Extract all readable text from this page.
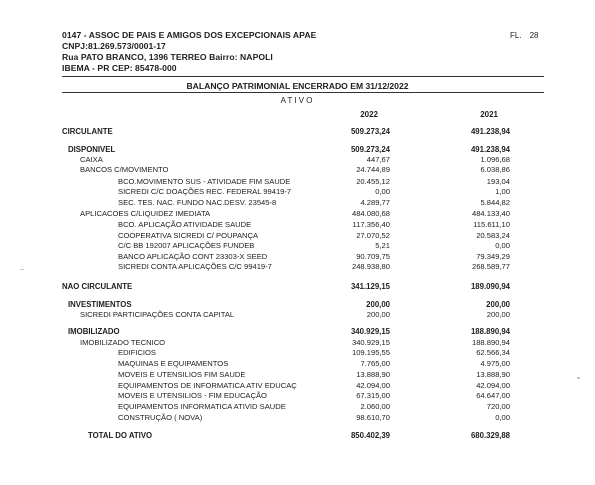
0147 - ASSOC DE PAIS E AMIGOS DOS EXCEPCIONAIS APAE
CNPJ:81.269.573/0001-17
Rua PATO BRANCO, 1396 TERREO Bairro: NAPOLI
IBEMA - PR CEP: 85478-000
FL. 28
BALANÇO PATRIMONIAL ENCERRADO EM 31/12/2022
ATIVO
2022	2021
CIRCULANTE	509.273,24	491.238,94
DISPONIVEL	509.273,24	491.238,94
CAIXA	447,67	1.096,68
BANCOS C/MOVIMENTO	24.744,89	6.038,86
BCO.MOVIMENTO SUS - ATIVIDADE FIM SAUDE	20.455,12	193,04
SICREDI C/C DOAÇÕES REC. FEDERAL 99419-7	0,00	1,00
SEC. TES. NAC. FUNDO NAC.DESV. 23545-8	4.289,77	5.844,82
APLICACOES C/LIQUIDEZ IMEDIATA	484.080,68	484.133,40
BCO. APLICAÇÃO ATIVIDADE SAUDE	117.356,40	115.611,10
COOPERATIVA SICREDI C/ POUPANÇA	27.070,52	20.583,24
C/C BB 192007 APLICAÇÕES FUNDEB	5,21	0,00
BANCO APLICAÇÃO CONT 23303-X SEED	90.709,75	79.349,29
SICREDI CONTA APLICAÇÕES C/C 99419-7	248.938,80	268.589,77
NAO CIRCULANTE	341.129,15	189.090,94
INVESTIMENTOS	200,00	200,00
SICREDI PARTICIPAÇÕES CONTA CAPITAL	200,00	200,00
IMOBILIZADO	340.929,15	188.890,94
IMOBILIZADO TECNICO	340.929,15	188.890,94
EDIFICIOS	109.195,55	62.566,34
MAQUINAS E EQUIPAMENTOS	7.765,00	4.975,00
MOVEIS E UTENSILIOS FIM SAUDE	13.888,90	13.888,90
EQUIPAMENTOS DE INFORMATICA ATIV EDUCAÇ	42.094,00	42.094,00
MOVEIS E UTENSILIOS - FIM EDUCAÇÃO	67.315,00	64.647,00
EQUIPAMENTOS INFORMATICA ATIVID SAUDE	2.060,00	720,00
CONSTRUÇÃO ( NOVA)	98.610,70	0,00
TOTAL DO ATIVO	850.402,39	680.329,88
~
